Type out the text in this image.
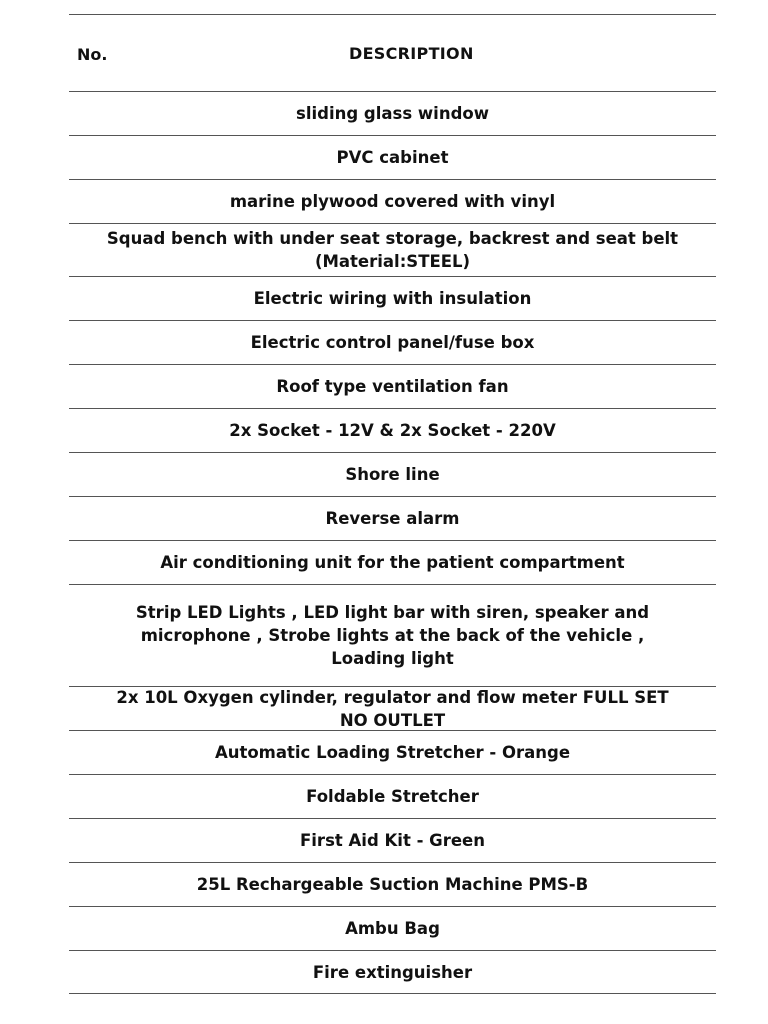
No.	DESCRIPTION
sliding glass window
PVC cabinet
marine plywood covered with vinyl
Squad bench with under seat storage, backrest and seat belt
(Material:STEEL)
Electric wiring with insulation
Electric control panel/fuse box
Roof type ventilation fan
2x Socket - 12V & 2x Socket - 220V
Shore line
Reverse alarm
Air conditioning unit for the patient compartment
Strip LED Lights , LED light bar with siren, speaker and
microphone , Strobe lights at the back of the vehicle ,
Loading light
2x 10L Oxygen cylinder, regulator and flow meter FULL SET
NO OUTLET
Automatic Loading Stretcher - Orange
Foldable Stretcher
First Aid Kit - Green
25L Rechargeable Suction Machine PMS-B
Ambu Bag
Fire extinguisher
